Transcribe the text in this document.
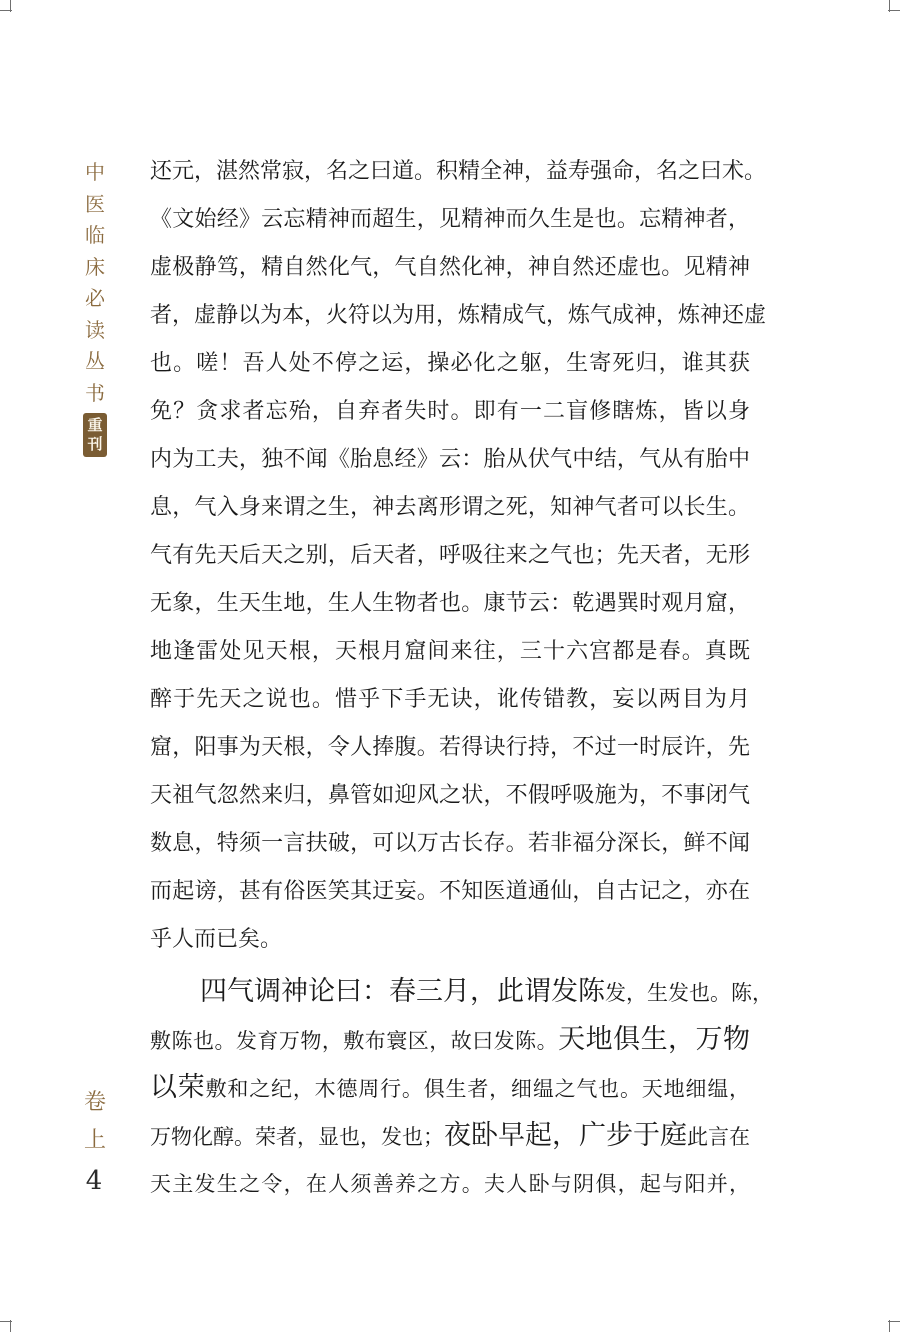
中
医
临
床
必
读
丛
书
重
刊
卷
上
4
还元，湛然常寂，名之曰道。积精全神，益寿强命，名之曰术。
《文始经》云忘精神而超生，见精神而久生是也。忘精神者，
虚极静笃，精自然化气，气自然化神，神自然还虚也。见精神
者，虚静以为本，火符以为用，炼精成气，炼气成神，炼神还虚
也。嗟！吾人处不停之运，操必化之躯，生寄死归，谁其获
免？贪求者忘殆，自弃者失时。即有一二盲修瞎炼，皆以身
内为工夫，独不闻《胎息经》云：胎从伏气中结，气从有胎中
息，气入身来谓之生，神去离形谓之死，知神气者可以长生。
气有先天后天之别，后天者，呼吸往来之气也；先天者，无形
无象，生天生地，生人生物者也。康节云：乾遇巽时观月窟，
地逢雷处见天根，天根月窟间来往，三十六宫都是春。真既
醉于先天之说也。惜乎下手无诀，讹传错教，妄以两目为月
窟，阳事为天根，令人捧腹。若得诀行持，不过一时辰许，先
天祖气忽然来归，鼻管如迎风之状，不假呼吸施为，不事闭气
数息，特须一言扶破，可以万古长存。若非福分深长，鲜不闻
而起谤，甚有俗医笑其迂妄。不知医道通仙，自古记之，亦在
乎人而已矣。
四气调神论曰：春三月，此谓发陈发，生发也。陈，
敷陈也。发育万物，敷布寰区，故曰发陈。天地俱生，万物
以荣敷和之纪，木德周行。俱生者，细缊之气也。天地细缊，
万物化醇。荣者，显也，发也；夜卧早起，广步于庭此言在
天主发生之令，在人须善养之方。夫人卧与阴俱，起与阳并，
